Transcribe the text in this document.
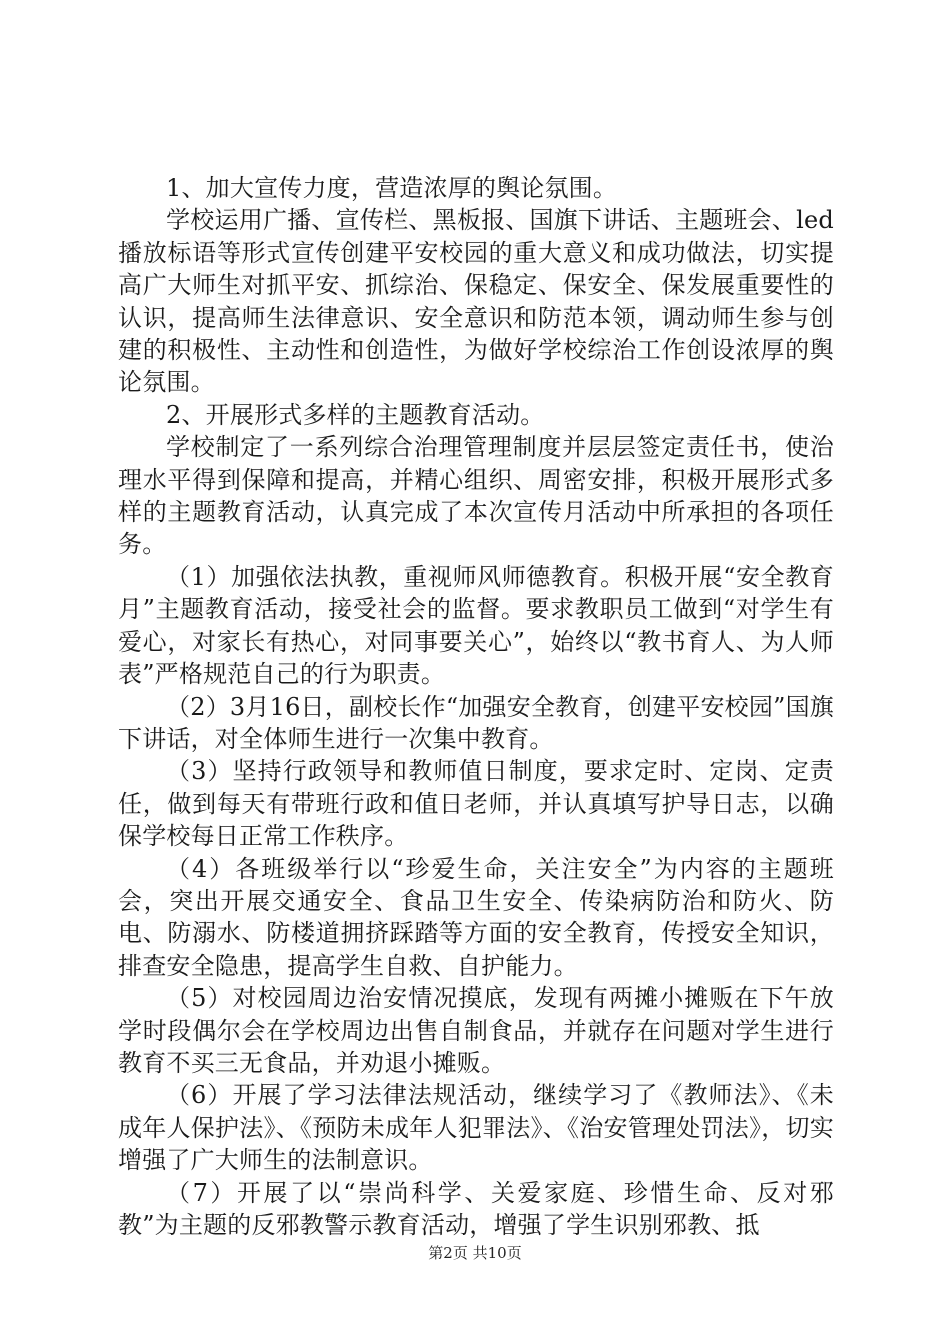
1、加大宣传力度，营造浓厚的舆论氛围。

学校运用广播、宣传栏、黑板报、国旗下讲话、主题班会、led播放标语等形式宣传创建平安校园的重大意义和成功做法，切实提高广大师生对抓平安、抓综治、保稳定、保安全、保发展重要性的认识，提高师生法律意识、安全意识和防范本领，调动师生参与创建的积极性、主动性和创造性，为做好学校综治工作创设浓厚的舆论氛围。

2、开展形式多样的主题教育活动。

学校制定了一系列综合治理管理制度并层层签定责任书，使治理水平得到保障和提高，并精心组织、周密安排，积极开展形式多样的主题教育活动，认真完成了本次宣传月活动中所承担的各项任务。

（1）加强依法执教，重视师风师德教育。积极开展“安全教育月”主题教育活动，接受社会的监督。要求教职员工做到“对学生有爱心，对家长有热心，对同事要关心”，始终以“教书育人、为人师表”严格规范自己的行为职责。

（2）3月16日，副校长作“加强安全教育，创建平安校园”国旗下讲话，对全体师生进行一次集中教育。

（3）坚持行政领导和教师值日制度，要求定时、定岗、定责任，做到每天有带班行政和值日老师，并认真填写护导日志，以确保学校每日正常工作秩序。

（4）各班级举行以“珍爱生命，关注安全”为内容的主题班会，突出开展交通安全、食品卫生安全、传染病防治和防火、防电、防溺水、防楼道拥挤踩踏等方面的安全教育，传授安全知识，排查安全隐患，提高学生自救、自护能力。

（5）对校园周边治安情况摸底，发现有两摊小摊贩在下午放学时段偶尔会在学校周边出售自制食品，并就存在问题对学生进行教育不买三无食品，并劝退小摊贩。

（6）开展了学习法律法规活动，继续学习了《教师法》、《未成年人保护法》、《预防未成年人犯罪法》、《治安管理处罚法》，切实增强了广大师生的法制意识。

（7）开展了以“崇尚科学、关爱家庭、珍惜生命、反对邪教”为主题的反邪教警示教育活动，增强了学生识别邪教、抵

第2页 共10页
